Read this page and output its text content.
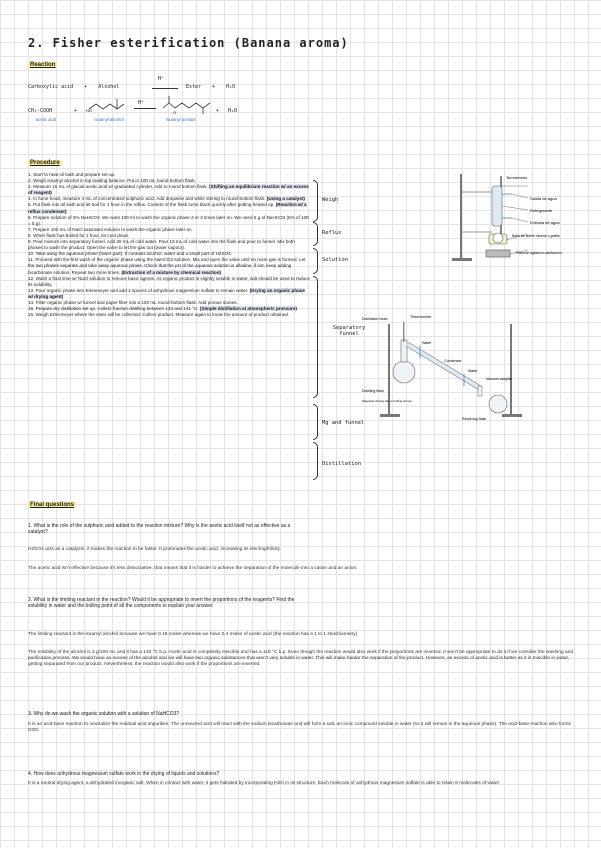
2. Fisher esterification (Banana aroma)
Reaction
Carboxylic acid + Alcohol
H⁺
Ester + H₂O
CH₃-COOH	+ HO
H⁺
O	+ H₂O
acetic acid	isoamyl alcohol	isoamyl acetate
Procedure
1. Start to heat oil bath and prepare set up.
2. Weigh isoamyl alcohol in top loading balance. Put in 100 mL round bottom flask.
3. Measure 15 mL of glacial acetic acid w/ graduated cylinder. Add to round bottom flask. (Shifting an equilibrium reaction w/ an excess of reagent)
4. In fume hood, measure 4 mL of concentrated sulphuric acid. Add dropwise and while stirring to round-bottom flask. (Using a catalyst)
5. Put flask into oil bath and let boil for 1 hour in the reflux. Content of the flask turns black quickly after getting heated up. (Reaction w/ a reflux condenser)
6. Prepare solution of 5% NaHCO3. We want 100 ml to wash the organic phase 2 or 3 times later on. We need 5 g of NaHCO3 (5% of 100 = 5 g).
7. Prepare 100 mL of NaCl saturated solution to wash the organic phase later on.
8. When flask has boiled for 1 hour, let cool down.
9. Pour mixture into separatory funnel. Add 30 mL of cold water. Pour 10 mL of cold water into the flask and pour to funnel. Mix both phases to wash the product. Open the valve to let the gas out (water vapour).
10. Take away the aqueous phase (lower part). It contains alcohol, water and a small part of H2SO4.
11. Proceed with the first wash of the organic phase using the NaHCO3 solution. Mix and open the valve until no more gas is formed. Let the two phases separate and take away aqueous phase. Check that the pH of the aqueous solution is alkaline, if not, keep adding bicarbonate solution. Repeat two more times. (Extraction of a mixture by chemical reaction)
12. Wash a final time w/ NaCl solution to remove basic agents. As organic product is slightly soluble in water, salt should be used to reduce its solubility.
13. Pour organic phase into Erlenmeyer and add 2 spoons of anhydrous magnesium sulfate to remain water. (Drying an organic phase w/ drying agent)
14. Filter organic phase w/ funnel and paper filter into a 100 mL round-bottom flask. Add porous stones.
15. Prepare dry distillation set up. Collect fraction distilling between 134 and 141 °C. (Simple distillation at atmospheric pressure)
16. Weigh Erlenmeyer where the ester will be collected. Collect product. Measure again to know the amount of product obtained.
Weigh
Reflux
Solution
Separatory funnel
Mg and funnel
Distillation
Termómetro
Salida de agua
Refrigerante
Entrada de agua
Baño de aceite mineral o grafito
Placa de agitación-calefacción
Distillation head	Thermometer
Water
Water
Distilling flask
Magnetic stirring bar or boiling stones
Condenser
Vacuum adapter
Receiving flask
Final questions
1. What is the role of the sulphuric acid added to the reaction mixture? Why is the acetic acid itself not as effective as a catalyst?
H2SO4 acts as a catalyzer, it makes the reaction to be faster. It protonates the acetic acid, increasing its electrophilicity.
The acetic acid isn't effective because it's less dissociative, that means that it is harder to achieve the separation of the molecule into a cation and an anion.
2. What is the limiting reactant in the reaction? Would it be appropriate to invert the proportions of the reagents? Find the solubility in water and the boiling point of all the components to explain your answer.
The limiting reactant is the isoamyl alcohol because we have 0.18 moles whereas we have 0.4 moles of acetic acid (the reaction has a 1 to 1 stoichiometry).
The solubility of the alcohol is 3 g/100 mL and it has a 132 °C b.p. Acetic acid is completely miscible and has a 118 °C b.p. Even though the reaction would also work if the proportions are inverted, it won't be appropriate to do it if we consider the washing and purification process. We would have an excess of the alcohol and we will have two organic substances that aren't very soluble in water. This will make harder the separation of the product. However, an excess of acetic acid is better as it is miscible in water, getting separated from our product. Nevertheless, the reaction would also work if the proportions are inverted.
3. Why do we wash the organic solution with a solution of NaHCO3?
It is an acid-base reaction to neutralize the residual acid impurities. The unreacted acid will react with the sodium bicarbonate and will form a salt, an ionic compound soluble in water (so it will remain in the aqueous phase). The acid-base reaction also forms CO2.
4. How does anhydrous magnesium sulfate work in the drying of liquids and solutions?
It is a neutral drying agent, a dehydrated inorganic salt. When in contact with water, it gets hidrated by incorporating H2O in its structure. Each molecule of anhydrous magnesium sulfate is able to retain 8 molecules of water.
